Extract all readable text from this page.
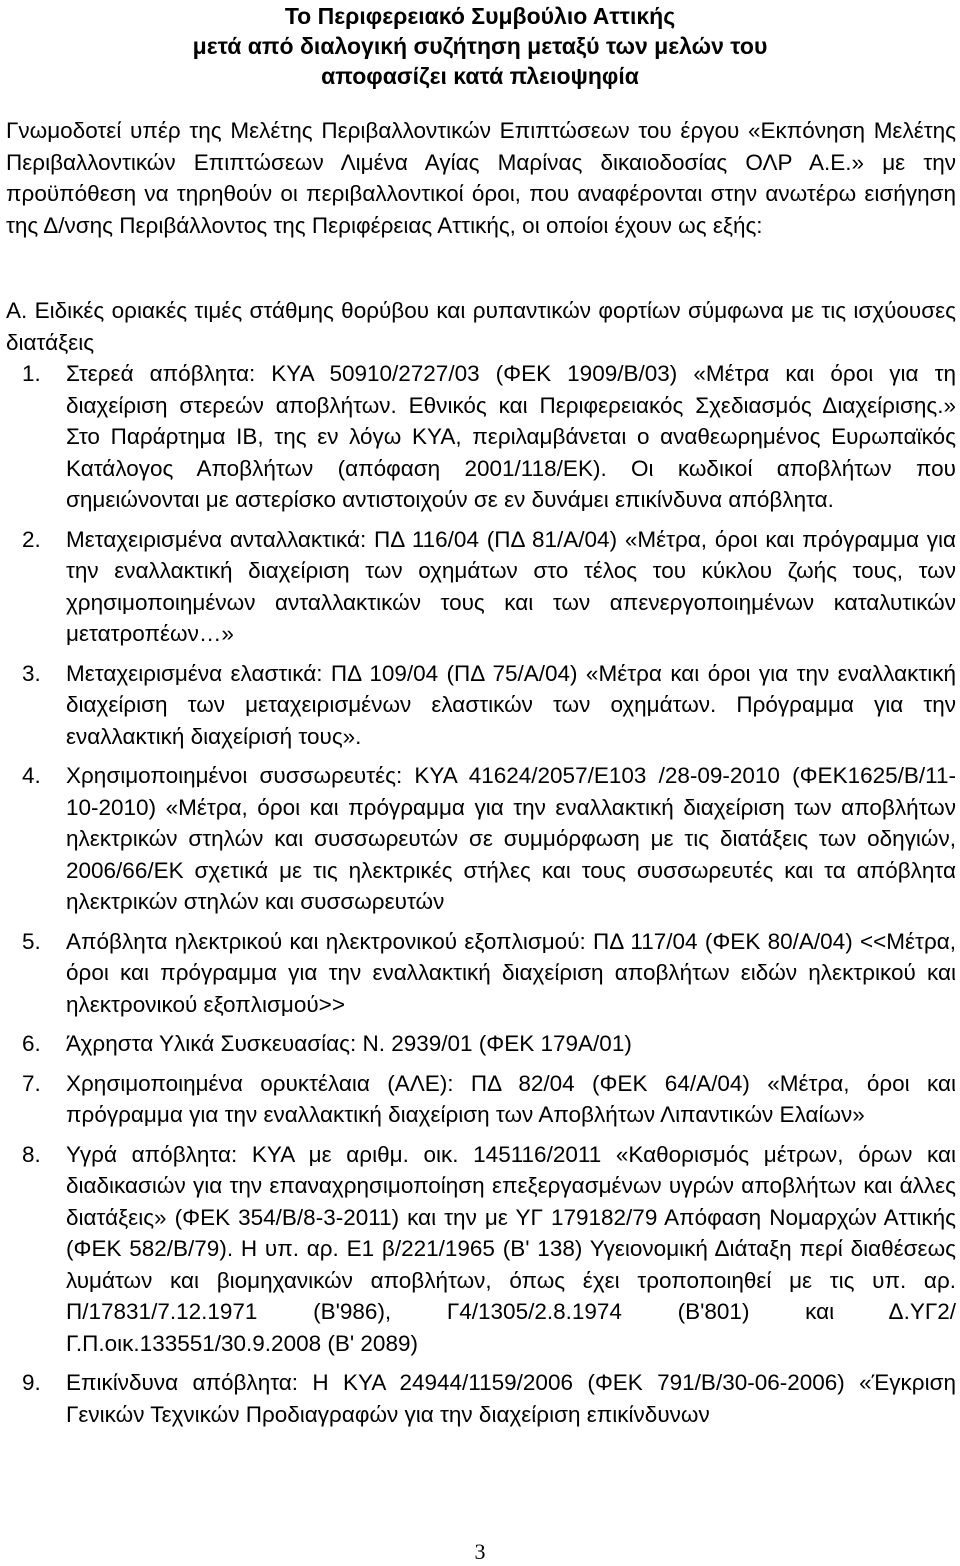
Το Περιφερειακό Συμβούλιο Αττικής
μετά από διαλογική συζήτηση μεταξύ των μελών του
αποφασίζει κατά πλειοψηφία
Γνωμοδοτεί υπέρ της Μελέτης Περιβαλλοντικών Επιπτώσεων του έργου «Εκπόνηση Μελέτης Περιβαλλοντικών Επιπτώσεων Λιμένα Αγίας Μαρίνας δικαιοδοσίας ΟΛΡ Α.Ε.» με την προϋπόθεση να τηρηθούν οι περιβαλλοντικοί όροι, που αναφέρονται στην ανωτέρω εισήγηση της Δ/νσης Περιβάλλοντος της Περιφέρειας Αττικής, οι οποίοι έχουν ως εξής:
Α. Ειδικές οριακές τιμές στάθμης θορύβου και ρυπαντικών φορτίων σύμφωνα με τις ισχύουσες διατάξεις
1. Στερεά απόβλητα: ΚΥΑ 50910/2727/03 (ΦΕΚ 1909/Β/03) «Μέτρα και όροι για τη διαχείριση στερεών αποβλήτων. Εθνικός και Περιφερειακός Σχεδιασμός Διαχείρισης.» Στο Παράρτημα ΙΒ, της εν λόγω ΚΥΑ, περιλαμβάνεται ο αναθεωρημένος Ευρωπαϊκός Κατάλογος Αποβλήτων (απόφαση 2001/118/ΕΚ). Οι κωδικοί αποβλήτων που σημειώνονται με αστερίσκο αντιστοιχούν σε εν δυνάμει επικίνδυνα απόβλητα.
2. Μεταχειρισμένα ανταλλακτικά: ΠΔ 116/04 (ΠΔ 81/Α/04) «Μέτρα, όροι και πρόγραμμα για την εναλλακτική διαχείριση των οχημάτων στο τέλος του κύκλου ζωής τους, των χρησιμοποιημένων ανταλλακτικών τους και των απενεργοποιημένων καταλυτικών μετατροπέων…»
3. Μεταχειρισμένα ελαστικά: ΠΔ 109/04 (ΠΔ 75/Α/04) «Μέτρα και όροι για την εναλλακτική διαχείριση των μεταχειρισμένων ελαστικών των οχημάτων. Πρόγραμμα για την εναλλακτική διαχείρισή τους».
4. Χρησιμοποιημένοι συσσωρευτές: ΚΥΑ 41624/2057/Ε103 /28-09-2010 (ΦΕΚ1625/Β/11-10-2010) «Μέτρα, όροι και πρόγραμμα για την εναλλακτική διαχείριση των αποβλήτων ηλεκτρικών στηλών και συσσωρευτών σε συμμόρφωση με τις διατάξεις των οδηγιών, 2006/66/ΕΚ σχετικά με τις ηλεκτρικές στήλες και τους συσσωρευτές και τα απόβλητα ηλεκτρικών στηλών και συσσωρευτών
5. Απόβλητα ηλεκτρικού και ηλεκτρονικού εξοπλισμού: ΠΔ 117/04 (ΦΕΚ 80/Α/04) <<Μέτρα, όροι και πρόγραμμα για την εναλλακτική διαχείριση αποβλήτων ειδών ηλεκτρικού και ηλεκτρονικού εξοπλισμού>>
6. Άχρηστα Υλικά Συσκευασίας: Ν. 2939/01 (ΦΕΚ 179Α/01)
7. Χρησιμοποιημένα ορυκτέλαια (ΑΛΕ): ΠΔ 82/04 (ΦΕΚ 64/Α/04) «Μέτρα, όροι και πρόγραμμα για την εναλλακτική διαχείριση των Αποβλήτων Λιπαντικών Ελαίων»
8. Υγρά απόβλητα: ΚΥΑ με αριθμ. οικ. 145116/2011 «Καθορισμός μέτρων, όρων και διαδικασιών για την επαναχρησιμοποίηση επεξεργασμένων υγρών αποβλήτων και άλλες διατάξεις» (ΦΕΚ 354/Β/8-3-2011) και την με ΥΓ 179182/79 Απόφαση Νομαρχών Αττικής (ΦΕΚ 582/Β/79). Η υπ. αρ. Ε1 β/221/1965 (Β' 138) Υγειονομική Διάταξη περί διαθέσεως λυμάτων και βιομηχανικών αποβλήτων, όπως έχει τροποποιηθεί με τις υπ. αρ. Π/17831/7.12.1971 (Β'986), Γ4/1305/2.8.1974 (Β'801) και Δ.ΥΓ2/Γ.Π.οικ.133551/30.9.2008 (Β' 2089)
9. Επικίνδυνα απόβλητα: Η ΚΥΑ 24944/1159/2006 (ΦΕΚ 791/Β/30-06-2006) «Έγκριση Γενικών Τεχνικών Προδιαγραφών για την διαχείριση επικίνδυνων
3
